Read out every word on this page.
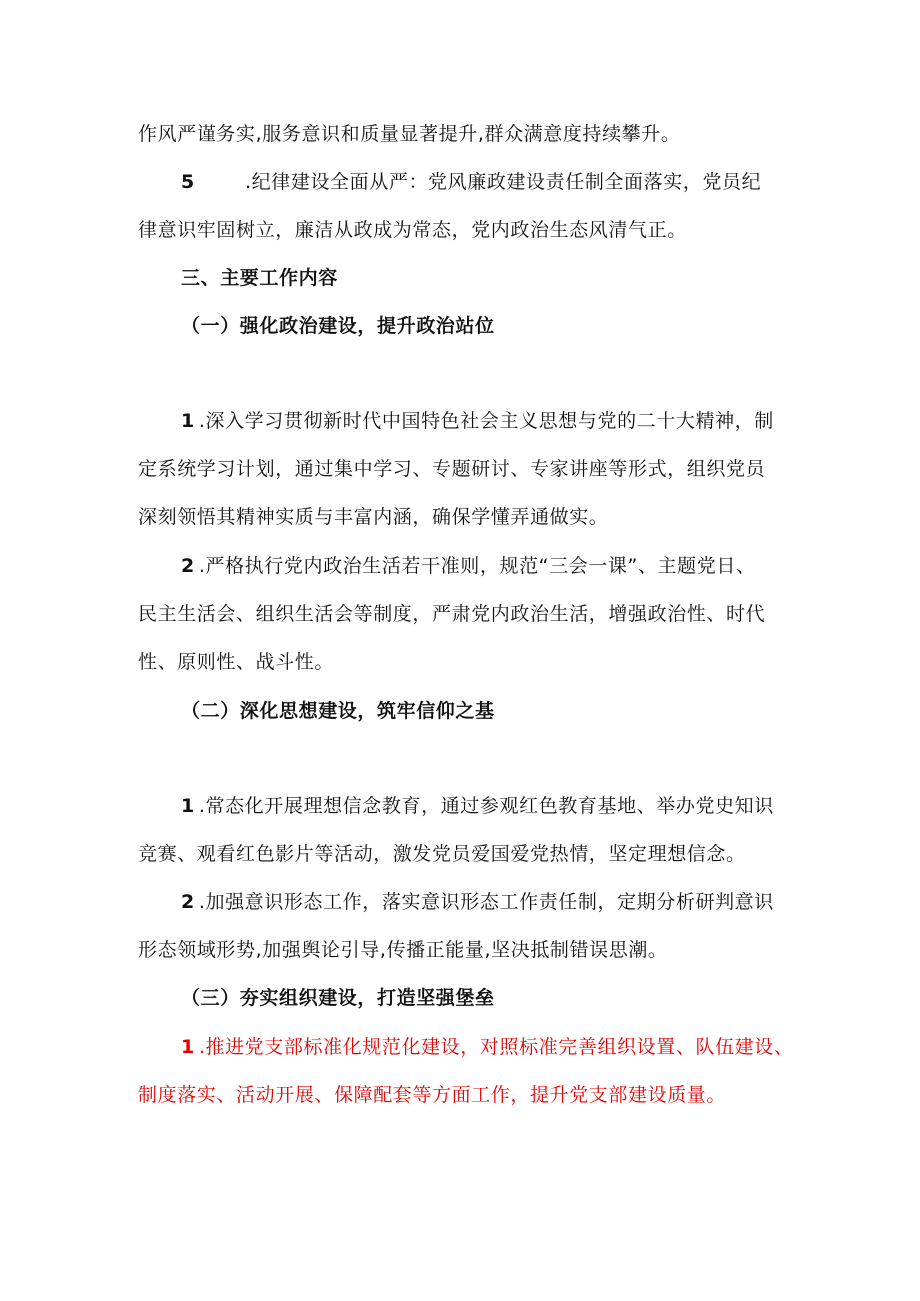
作风严谨务实,服务意识和质量显著提升,群众满意度持续攀升。
5	.纪律建设全面从严：党风廉政建设责任制全面落实，党员纪
律意识牢固树立，廉洁从政成为常态，党内政治生态风清气正。
三、主要工作内容
（一）强化政治建设，提升政治站位
1 .深入学习贯彻新时代中国特色社会主义思想与党的二十大精神，制
定系统学习计划，通过集中学习、专题研讨、专家讲座等形式，组织党员
深刻领悟其精神实质与丰富内涵，确保学懂弄通做实。
2 .严格执行党内政治生活若干准则，规范“三会一课”、主题党日、
民主生活会、组织生活会等制度，严肃党内政治生活，增强政治性、时代
性、原则性、战斗性。
（二）深化思想建设，筑牢信仰之基
1 .常态化开展理想信念教育，通过参观红色教育基地、举办党史知识
竞赛、观看红色影片等活动，激发党员爱国爱党热情，坚定理想信念。
2 .加强意识形态工作，落实意识形态工作责任制，定期分析研判意识
形态领域形势,加强舆论引导,传播正能量,坚决抵制错误思潮。
（三）夯实组织建设，打造坚强堡垒
1 .推进党支部标准化规范化建设，对照标准完善组织设置、队伍建设、
制度落实、活动开展、保障配套等方面工作，提升党支部建设质量。
